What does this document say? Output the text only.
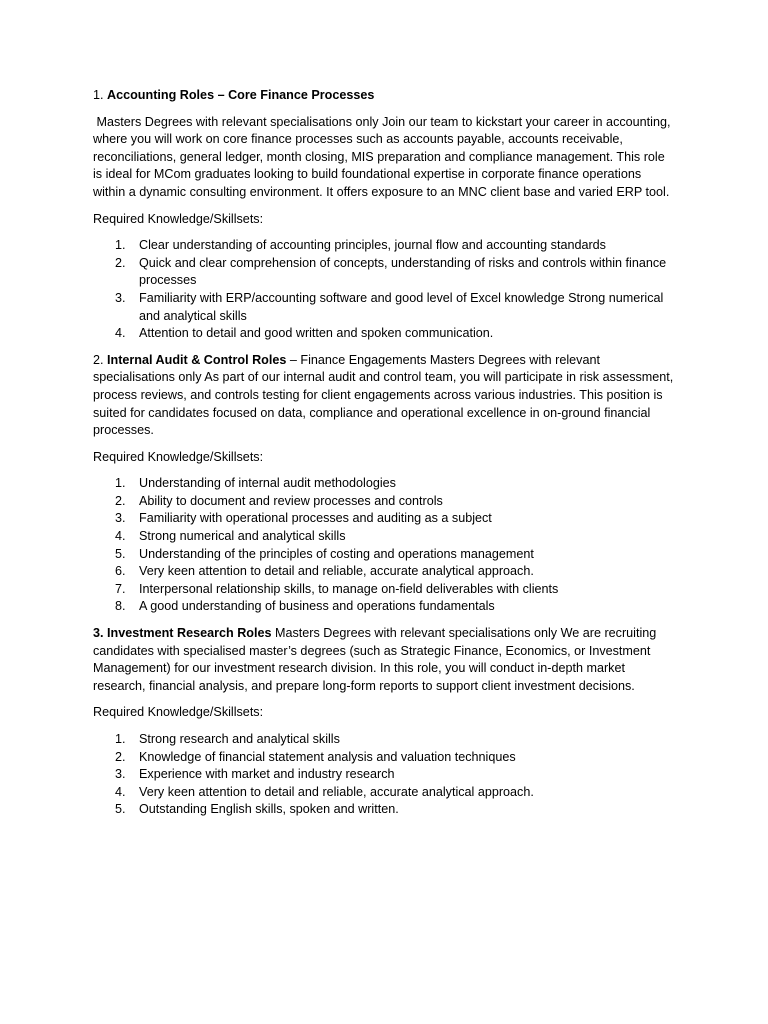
1. Accounting Roles – Core Finance Processes

Masters Degrees with relevant specialisations only Join our team to kickstart your career in accounting, where you will work on core finance processes such as accounts payable, accounts receivable, reconciliations, general ledger, month closing, MIS preparation and compliance management. This role is ideal for MCom graduates looking to build foundational expertise in corporate finance operations within a dynamic consulting environment. It offers exposure to an MNC client base and varied ERP tool.

Required Knowledge/Skillsets:

1. Clear understanding of accounting principles, journal flow and accounting standards
2. Quick and clear comprehension of concepts, understanding of risks and controls within finance processes
3. Familiarity with ERP/accounting software and good level of Excel knowledge Strong numerical and analytical skills
4. Attention to detail and good written and spoken communication.

2. Internal Audit & Control Roles – Finance Engagements Masters Degrees with relevant specialisations only As part of our internal audit and control team, you will participate in risk assessment, process reviews, and controls testing for client engagements across various industries. This position is suited for candidates focused on data, compliance and operational excellence in on-ground financial processes.

Required Knowledge/Skillsets:

1. Understanding of internal audit methodologies
2. Ability to document and review processes and controls
3. Familiarity with operational processes and auditing as a subject
4. Strong numerical and analytical skills
5. Understanding of the principles of costing and operations management
6. Very keen attention to detail and reliable, accurate analytical approach.
7. Interpersonal relationship skills, to manage on-field deliverables with clients
8. A good understanding of business and operations fundamentals

3. Investment Research Roles Masters Degrees with relevant specialisations only We are recruiting candidates with specialised master’s degrees (such as Strategic Finance, Economics, or Investment Management) for our investment research division. In this role, you will conduct in-depth market research, financial analysis, and prepare long-form reports to support client investment decisions.

Required Knowledge/Skillsets:

1. Strong research and analytical skills
2. Knowledge of financial statement analysis and valuation techniques
3. Experience with market and industry research
4. Very keen attention to detail and reliable, accurate analytical approach.
5. Outstanding English skills, spoken and written.
